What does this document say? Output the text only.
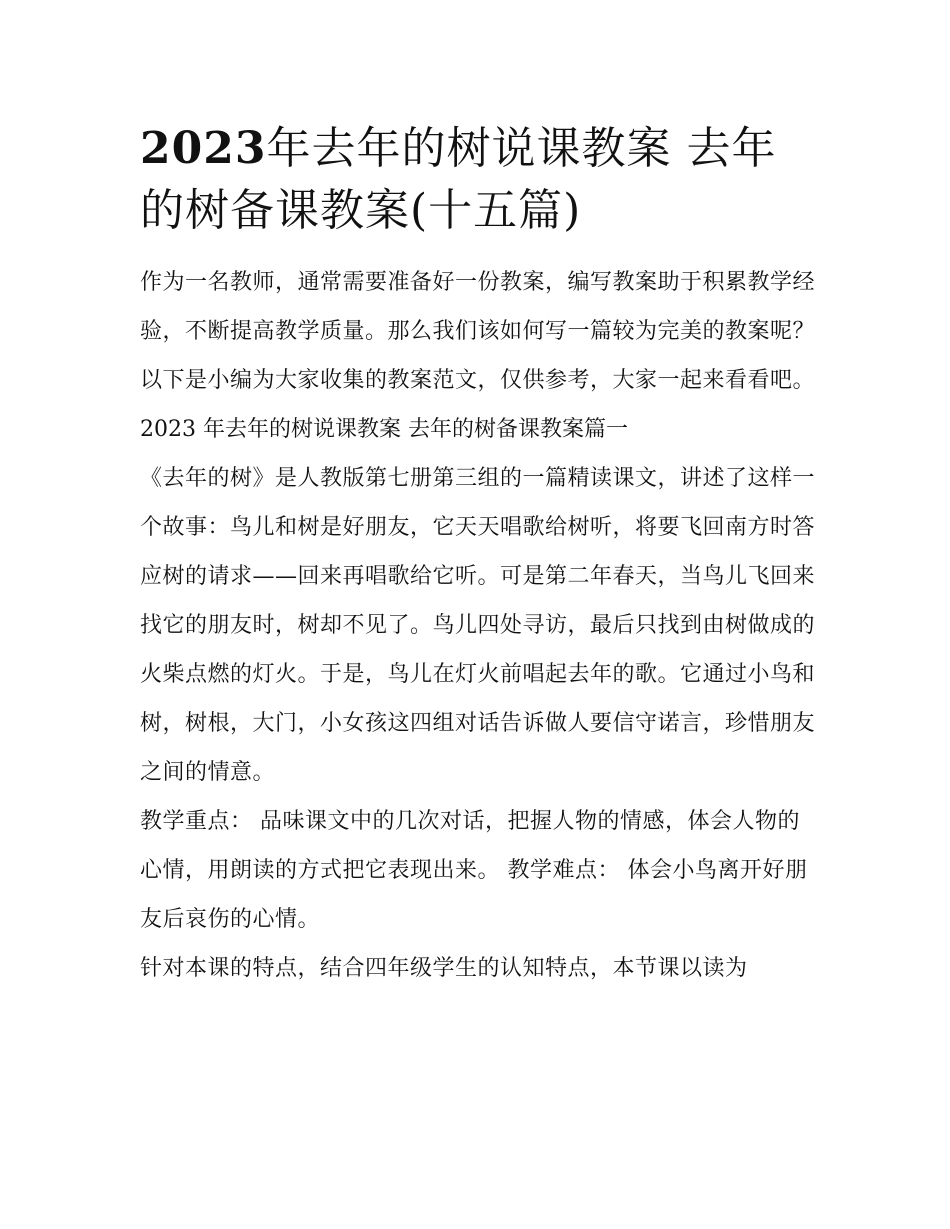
2023年去年的树说课教案 去年的树备课教案(十五篇)

作为一名教师，通常需要准备好一份教案，编写教案助于积累教学经验，不断提高教学质量。那么我们该如何写一篇较为完美的教案呢？以下是小编为大家收集的教案范文，仅供参考，大家一起来看看吧。

2023 年去年的树说课教案 去年的树备课教案篇一

《去年的树》是人教版第七册第三组的一篇精读课文，讲述了这样一个故事：鸟儿和树是好朋友，它天天唱歌给树听，将要飞回南方时答应树的请求——回来再唱歌给它听。可是第二年春天，当鸟儿飞回来找它的朋友时，树却不见了。鸟儿四处寻访，最后只找到由树做成的火柴点燃的灯火。于是，鸟儿在灯火前唱起去年的歌。它通过小鸟和树，树根，大门，小女孩这四组对话告诉做人要信守诺言，珍惜朋友之间的情意。

教学重点： 品味课文中的几次对话，把握人物的情感，体会人物的心情，用朗读的方式把它表现出来。 教学难点： 体会小鸟离开好朋友后哀伤的心情。

针对本课的特点，结合四年级学生的认知特点，本节课以读为
